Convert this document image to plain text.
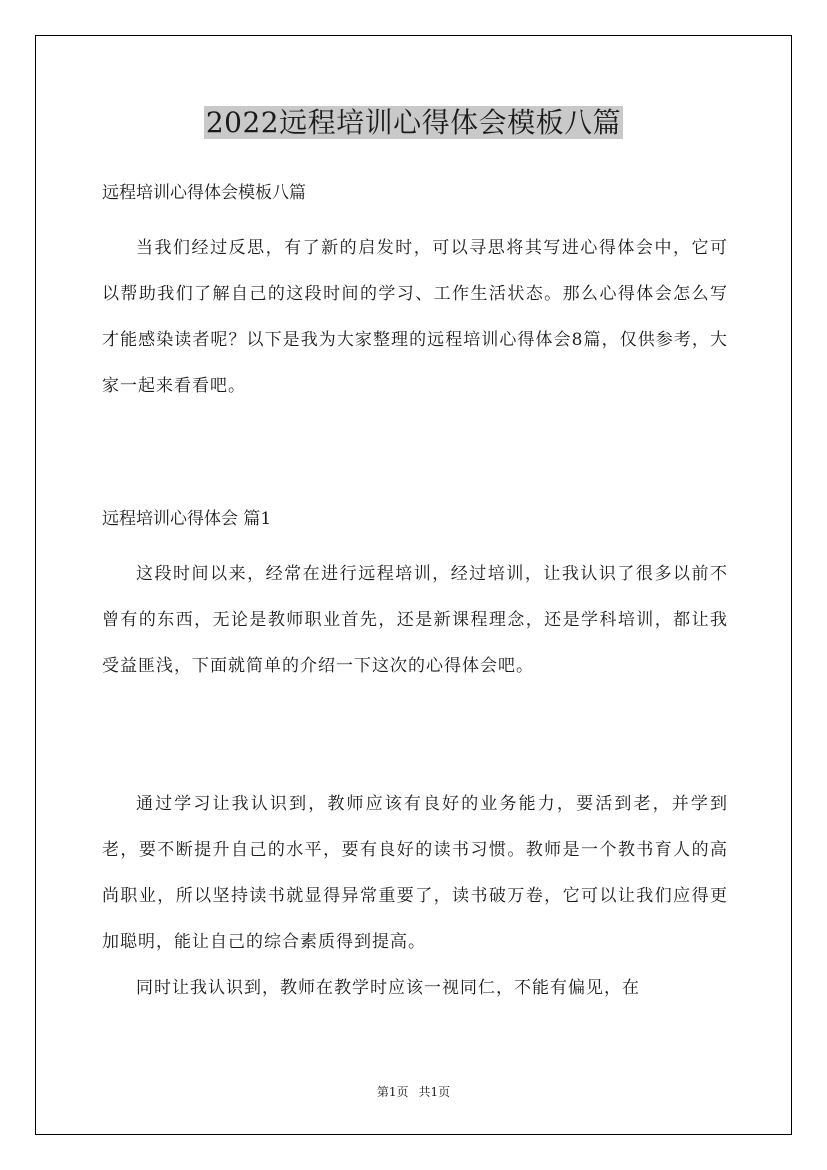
2022远程培训心得体会模板八篇
远程培训心得体会模板八篇

当我们经过反思，有了新的启发时，可以寻思将其写进心得体会中，它可以帮助我们了解自己的这段时间的学习、工作生活状态。那么心得体会怎么写才能感染读者呢？以下是我为大家整理的远程培训心得体会8篇，仅供参考，大家一起来看看吧。

远程培训心得体会 篇1

这段时间以来，经常在进行远程培训，经过培训，让我认识了很多以前不曾有的东西，无论是教师职业首先，还是新课程理念，还是学科培训，都让我受益匪浅，下面就简单的介绍一下这次的心得体会吧。

通过学习让我认识到，教师应该有良好的业务能力，要活到老，并学到老，要不断提升自己的水平，要有良好的读书习惯。教师是一个教书育人的高尚职业，所以坚持读书就显得异常重要了，读书破万卷，它可以让我们应得更加聪明，能让自己的综合素质得到提高。

同时让我认识到，教师在教学时应该一视同仁，不能有偏见，在

第1页 共1页
